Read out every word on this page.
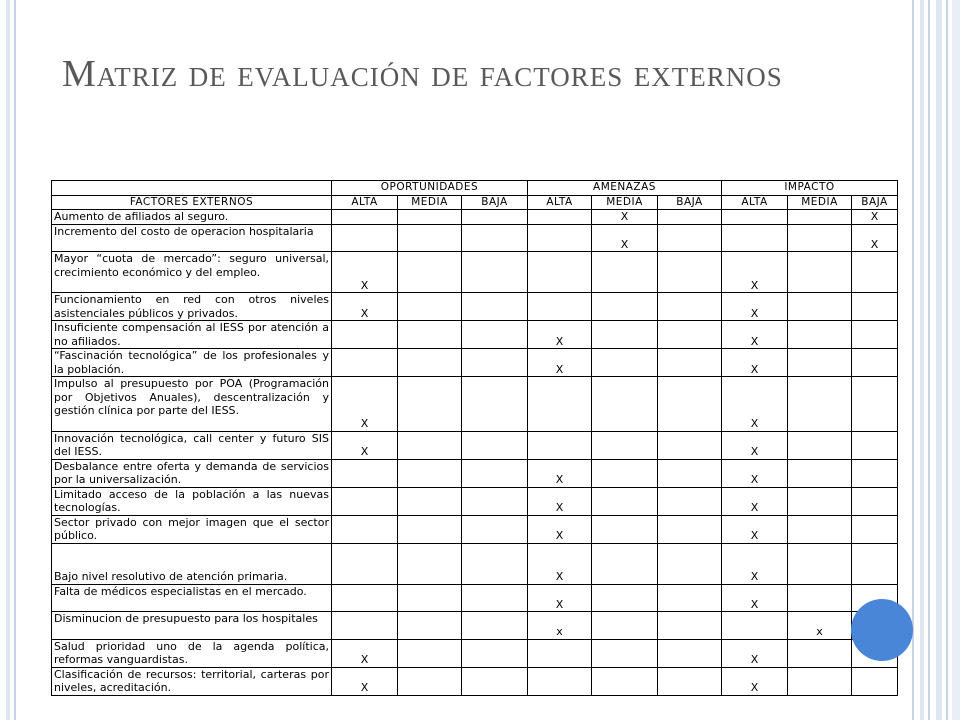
Matriz de evaluación de factores externos
	OPORTUNIDADES			AMENAZAS			IMPACTO		
FACTORES EXTERNOS	ALTA	MEDIA	BAJA	ALTA	MEDIA	BAJA	ALTA	MEDIA	BAJA
Aumento de afiliados al seguro.					X				X
Incremento del costo de operacion hospitalaria					X				X
Mayor “cuota de mercado”: seguro universal, crecimiento económico y del empleo.	X						X		
Funcionamiento en red con otros niveles asistenciales públicos y privados.	X						X		
Insuficiente compensación al IESS por atención a no afiliados.				X			X		
“Fascinación tecnológica” de los profesionales y la población.				X			X		
Impulso al presupuesto por POA (Programación por Objetivos Anuales), descentralización y gestión clínica por parte del IESS.	X						X		
Innovación tecnológica, call center y futuro SIS del IESS.	X						X		
Desbalance entre oferta y demanda de servicios por la universalización.				X			X		
Limitado acceso de la población a las nuevas tecnologías.				X			X		
Sector privado con mejor imagen que el sector público.				X			X		
Bajo nivel resolutivo de atención primaria.				X			X		
Falta de médicos especialistas en el mercado.				X			X		
Disminucion de presupuesto para los hospitales				x				x	
Salud prioridad uno de la agenda política, reformas vanguardistas.	X						X		
Clasificación de recursos: territorial, carteras por niveles, acreditación.	X						X		
